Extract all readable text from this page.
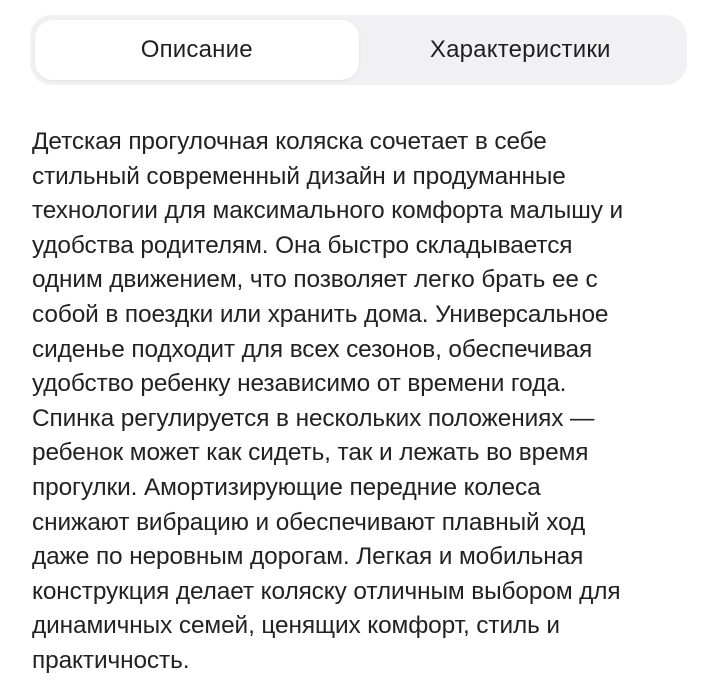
Описание	Характеристики
Детская прогулочная коляска сочетает в себе
стильный современный дизайн и продуманные
технологии для максимального комфорта малышу и
удобства родителям. Она быстро складывается
одним движением, что позволяет легко брать ее с
собой в поездки или хранить дома. Универсальное
сиденье подходит для всех сезонов, обеспечивая
удобство ребенку независимо от времени года.
Спинка регулируется в нескольких положениях —
ребенок может как сидеть, так и лежать во время
прогулки. Амортизирующие передние колеса
снижают вибрацию и обеспечивают плавный ход
даже по неровным дорогам. Легкая и мобильная
конструкция делает коляску отличным выбором для
динамичных семей, ценящих комфорт, стиль и
практичность.
